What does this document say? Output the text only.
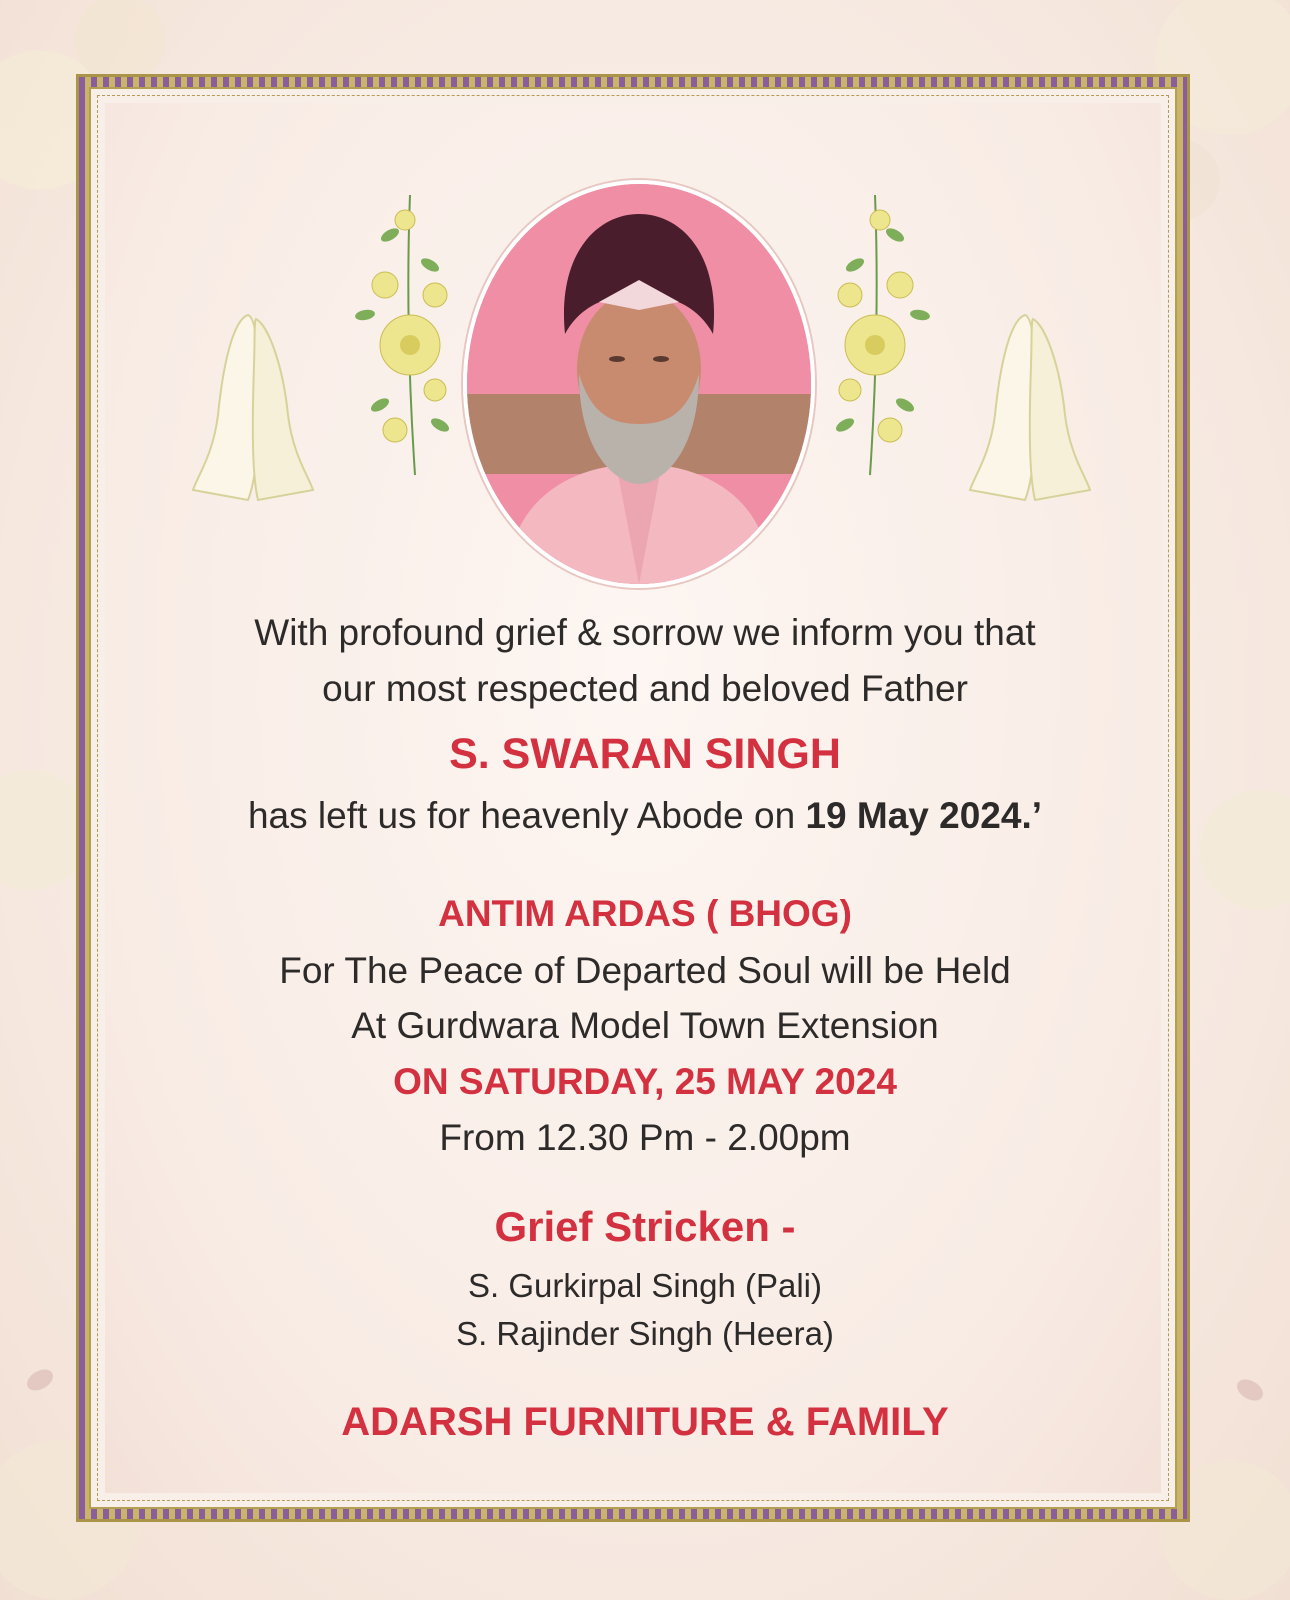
With profound grief & sorrow we inform you that
our most respected and beloved Father
S. SWARAN SINGH
has left us for heavenly Abode on 19 May 2024.’
ANTIM ARDAS ( BHOG)
For The Peace of Departed Soul will be Held
At Gurdwara Model Town Extension
ON SATURDAY, 25 MAY 2024
From 12.30 Pm - 2.00pm
Grief Stricken -
S. Gurkirpal Singh (Pali)
S. Rajinder Singh (Heera)
ADARSH FURNITURE & FAMILY
